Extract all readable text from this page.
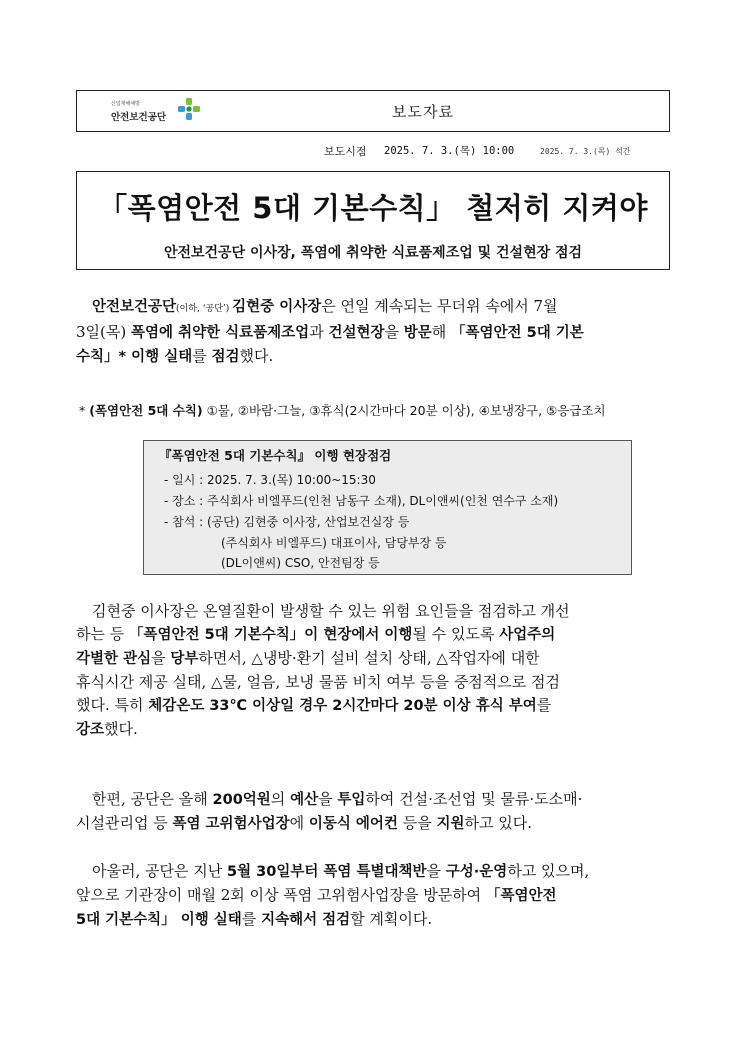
산업재해예방
안전보건공단	보도자료
보도시점 2025. 7. 3.(목) 10:00	2025. 7. 3.(목) 석간
「폭염안전 5대 기본수칙」 철저히 지켜야
안전보건공단 이사장, 폭염에 취약한 식료품제조업 및 건설현장 점검
안전보건공단(이하, ‘공단’) 김현중 이사장은 연일 계속되는 무더위 속에서 7월
3일(목) 폭염에 취약한 식료품제조업과 건설현장을 방문해 「폭염안전 5대 기본
수칙」* 이행 실태를 점검했다.
* (폭염안전 5대 수칙) ①물, ②바람·그늘, ③휴식(2시간마다 20분 이상), ④보냉장구, ⑤응급조치
『폭염안전 5대 기본수칙』 이행 현장점검
- 일시 : 2025. 7. 3.(목) 10:00~15:30
- 장소 : 주식회사 비엘푸드(인천 남동구 소재), DL이앤씨(인천 연수구 소재)
- 참석 : (공단) 김현중 이사장, 산업보건실장 등
(주식회사 비엘푸드) 대표이사, 담당부장 등
(DL이앤씨) CSO, 안전팀장 등
김현중 이사장은 온열질환이 발생할 수 있는 위험 요인들을 점검하고 개선
하는 등 「폭염안전 5대 기본수칙」이 현장에서 이행될 수 있도록 사업주의
각별한 관심을 당부하면서, △냉방·환기 설비 설치 상태, △작업자에 대한
휴식시간 제공 실태, △물, 얼음, 보냉 물품 비치 여부 등을 중점적으로 점검
했다. 특히 체감온도 33℃ 이상일 경우 2시간마다 20분 이상 휴식 부여를
강조했다.
한편, 공단은 올해 200억원의 예산을 투입하여 건설·조선업 및 물류·도소매·
시설관리업 등 폭염 고위험사업장에 이동식 에어컨 등을 지원하고 있다.
아울러, 공단은 지난 5월 30일부터 폭염 특별대책반을 구성·운영하고 있으며,
앞으로 기관장이 매월 2회 이상 폭염 고위험사업장을 방문하여 「폭염안전
5대 기본수칙」 이행 실태를 지속해서 점검할 계획이다.
